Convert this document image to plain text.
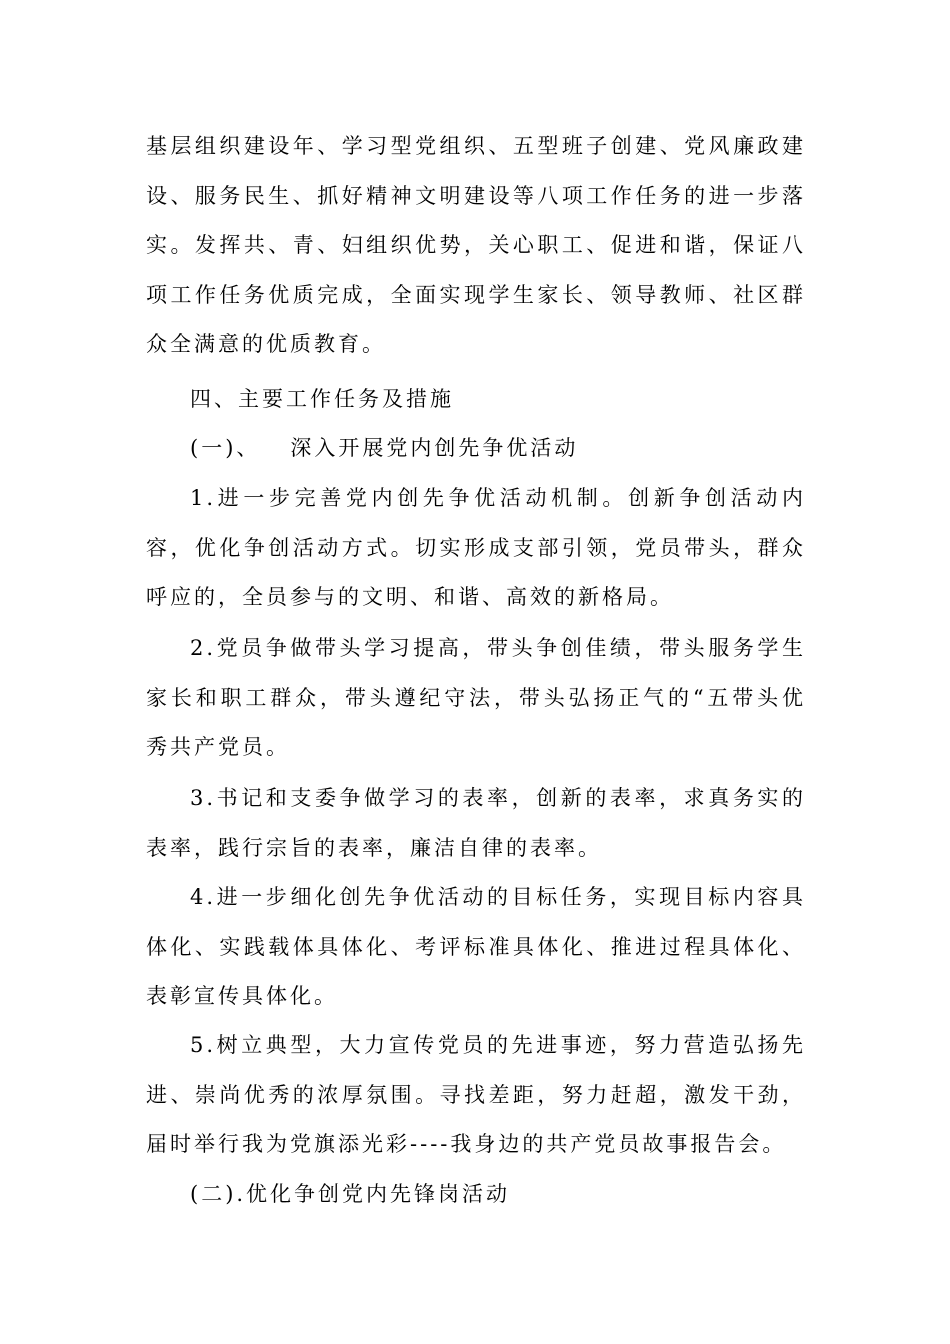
基层组织建设年、学习型党组织、五型班子创建、党风廉政建设、服务民生、抓好精神文明建设等八项工作任务的进一步落实。发挥共、青、妇组织优势，关心职工、促进和谐，保证八项工作任务优质完成，全面实现学生家长、领导教师、社区群众全满意的优质教育。

四、主要工作任务及措施

(一)、 深入开展党内创先争优活动

1.进一步完善党内创先争优活动机制。创新争创活动内容，优化争创活动方式。切实形成支部引领，党员带头，群众呼应的，全员参与的文明、和谐、高效的新格局。

2.党员争做带头学习提高，带头争创佳绩，带头服务学生家长和职工群众，带头遵纪守法，带头弘扬正气的“五带头优秀共产党员。

3.书记和支委争做学习的表率，创新的表率，求真务实的表率，践行宗旨的表率，廉洁自律的表率。

4.进一步细化创先争优活动的目标任务，实现目标内容具体化、实践载体具体化、考评标准具体化、推进过程具体化、表彰宣传具体化。

5.树立典型，大力宣传党员的先进事迹，努力营造弘扬先进、崇尚优秀的浓厚氛围。寻找差距，努力赶超，激发干劲，届时举行我为党旗添光彩----我身边的共产党员故事报告会。

(二).优化争创党内先锋岗活动
